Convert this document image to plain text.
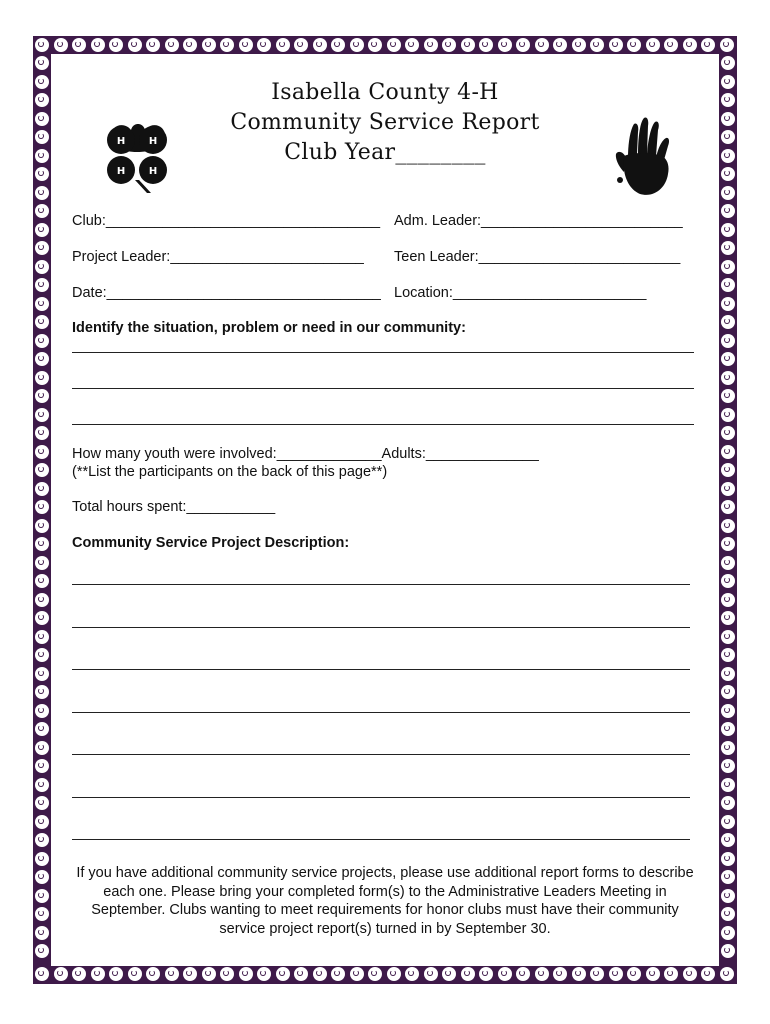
Isabella County 4-H
Community Service Report
Club Year________
H H
H H
Club:__________________________________ Adm. Leader:_________________________
Project Leader:________________________ Teen Leader:_________________________
Date:__________________________________ Location:________________________
Identify the situation, problem or need in our community:
How many youth were involved:_____________Adults:______________
(**List the participants on the back of this page**)
Total hours spent:___________
Community Service Project Description:
If you have additional community service projects, please use additional report forms to describe each one. Please bring your completed form(s) to the Administrative Leaders Meeting in September. Clubs wanting to meet requirements for honor clubs must have their community service project report(s) turned in by September 30.
